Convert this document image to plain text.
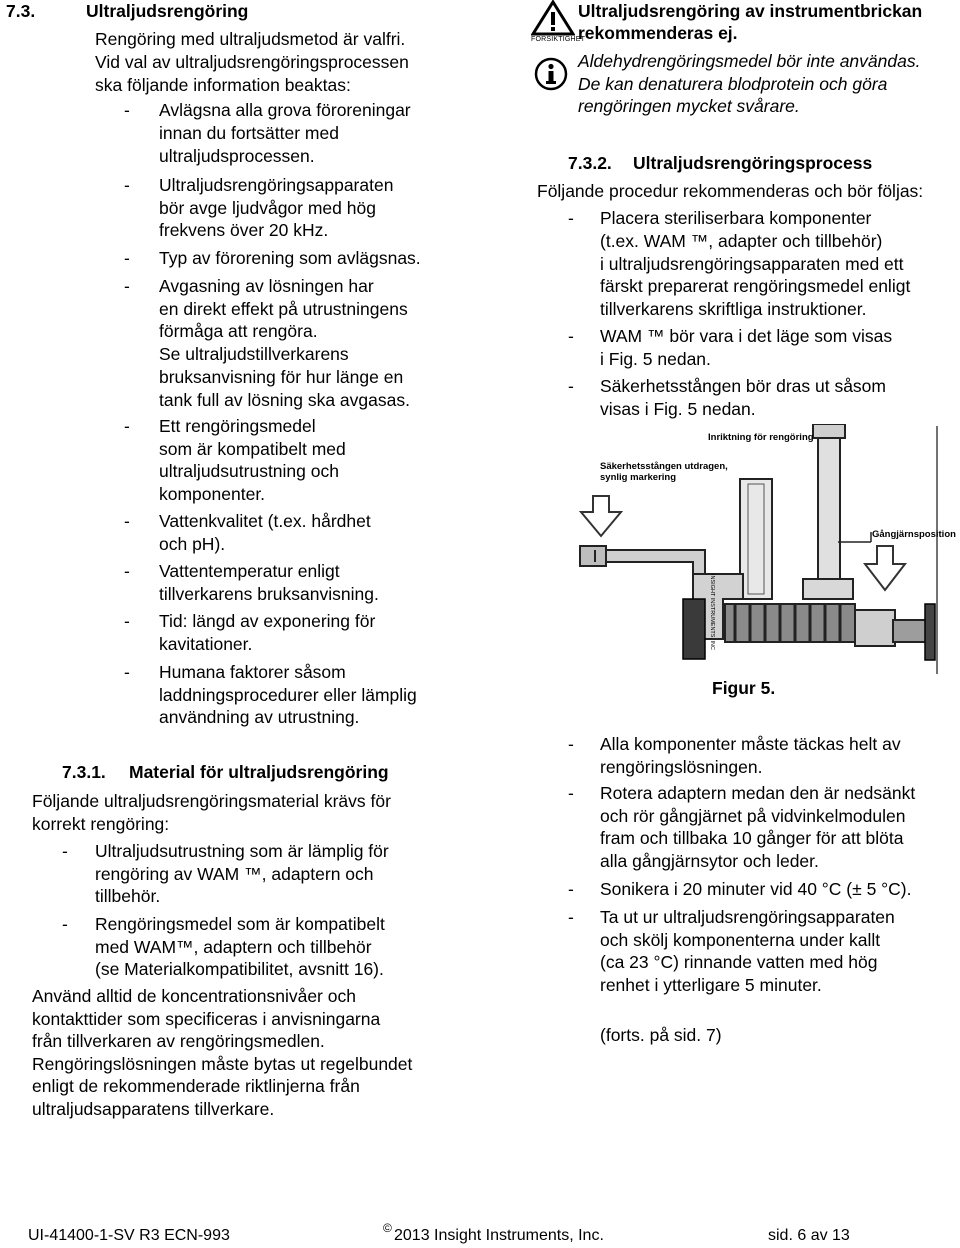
7.3.	Ultraljudsrengöring
Rengöring med ultraljudsmetod är valfri.
Vid val av ultraljudsrengöringsprocessen
ska följande information beaktas:
- Avlägsna alla grova föroreningar
innan du fortsätter med
ultraljudsprocessen.
- Ultraljudsrengöringsapparaten
bör avge ljudvågor med hög
frekvens över 20 kHz.
- Typ av förorening som avlägsnas.
- Avgasning av lösningen har
en direkt effekt på utrustningens
förmåga att rengöra.
Se ultraljudstillverkarens
bruksanvisning för hur länge en
tank full av lösning ska avgasas.
- Ett rengöringsmedel
som är kompatibelt med
ultraljudsutrustning och
komponenter.
- Vattenkvalitet (t.ex. hårdhet
och pH).
- Vattentemperatur enligt
tillverkarens bruksanvisning.
- Tid: längd av exponering för
kavitationer.
- Humana faktorer såsom
laddningsprocedurer eller lämplig
användning av utrustning.
7.3.1. Material för ultraljudsrengöring
Följande ultraljudsrengöringsmaterial krävs för
korrekt rengöring:
- Ultraljudsutrustning som är lämplig för
rengöring av WAM ™, adaptern och
tillbehör.
- Rengöringsmedel som är kompatibelt
med WAM™, adaptern och tillbehör
(se Materialkompatibilitet, avsnitt 16).
Använd alltid de koncentrationsnivåer och
kontakttider som specificeras i anvisningarna
från tillverkaren av rengöringsmedlen.
Rengöringslösningen måste bytas ut regelbundet
enligt de rekommenderade riktlinjerna från
ultraljudsapparatens tillverkare.
FÖRSIKTIGHET
Ultraljudsrengöring av instrumentbrickan
rekommenderas ej.
Aldehydrengöringsmedel bör inte användas.
De kan denaturera blodprotein och göra
rengöringen mycket svårare.
7.3.2. Ultraljudsrengöringsprocess
Följande procedur rekommenderas och bör följas:
- Placera steriliserbara komponenter
(t.ex. WAM ™, adapter och tillbehör)
i ultraljudsrengöringsapparaten med ett
färskt preparerat rengöringsmedel enligt
tillverkarens skriftliga instruktioner.
- WAM ™ bör vara i det läge som visas
i Fig. 5 nedan.
- Säkerhetsstången bör dras ut såsom
visas i Fig. 5 nedan.
Inriktning för rengöring
Säkerhetsstången utdragen,
synlig markering
Gångjärnsposition
INSIGHT INSTRUMENTS, INC
Figur 5.
- Alla komponenter måste täckas helt av
rengöringslösningen.
- Rotera adaptern medan den är nedsänkt
och rör gångjärnet på vidvinkelmodulen
fram och tillbaka 10 gånger för att blöta
alla gångjärnsytor och leder.
- Sonikera i 20 minuter vid 40 °C (± 5 °C).
- Ta ut ur ultraljudsrengöringsapparaten
och skölj komponenterna under kallt
(ca 23 °C) rinnande vatten med hög
renhet i ytterligare 5 minuter.
(forts. på sid. 7)
UI-41400-1-SV R3 ECN-993	© 2013 Insight Instruments, Inc.	sid. 6 av 13
